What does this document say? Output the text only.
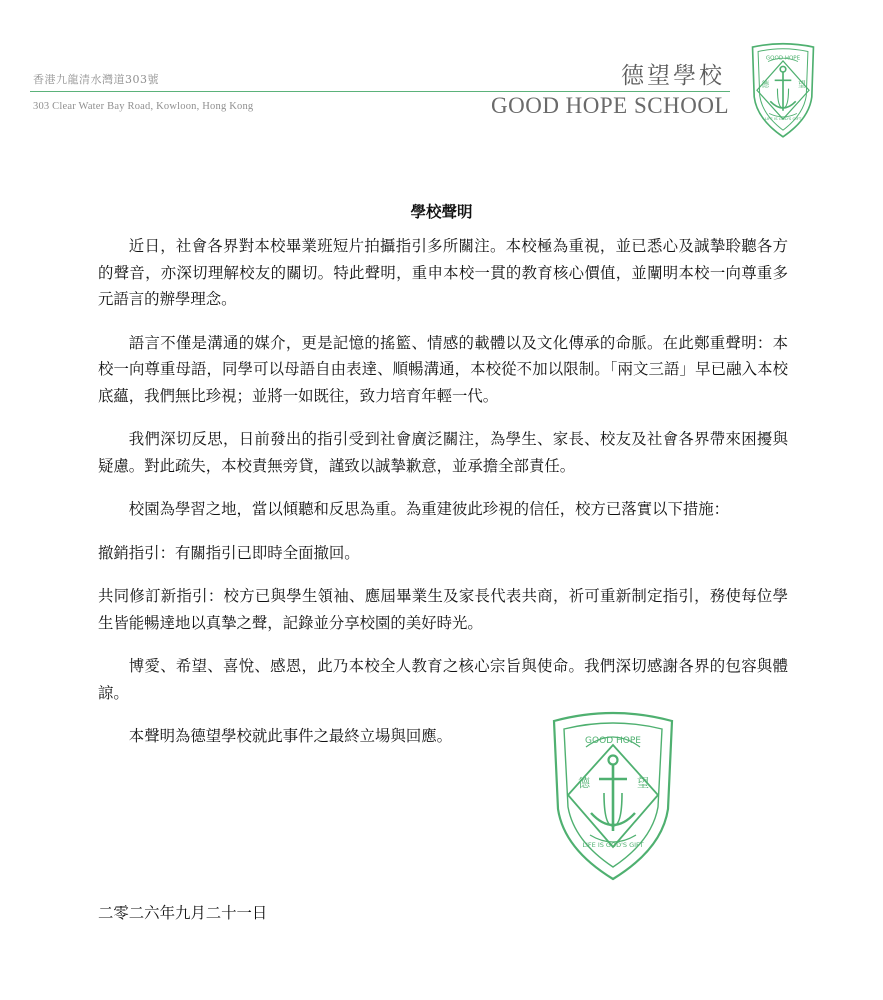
香港九龍清水灣道303號
303 Clear Water Bay Road, Kowloon, Hong Kong
德望學校
GOOD HOPE SCHOOL
德 望
GOOD HOPE
LIFE IS GOD'S GIFT
學校聲明

近日，社會各界對本校畢業班短片拍攝指引多所關注。本校極為重視，並已悉心及誠摯聆聽各方的聲音，亦深切理解校友的關切。特此聲明，重申本校一貫的教育核心價值，並闡明本校一向尊重多元語言的辦學理念。

語言不僅是溝通的媒介，更是記憶的搖籃、情感的載體以及文化傳承的命脈。在此鄭重聲明：本校一向尊重母語，同學可以母語自由表達、順暢溝通，本校從不加以限制。「兩文三語」早已融入本校底蘊，我們無比珍視；並將一如既往，致力培育年輕一代。

我們深切反思，日前發出的指引受到社會廣泛關注，為學生、家長、校友及社會各界帶來困擾與疑慮。對此疏失，本校責無旁貸，謹致以誠摯歉意，並承擔全部責任。

校園為學習之地，當以傾聽和反思為重。為重建彼此珍視的信任，校方已落實以下措施：

撤銷指引：有關指引已即時全面撤回。

共同修訂新指引：校方已與學生領袖、應屆畢業生及家長代表共商，祈可重新制定指引，務使每位學生皆能暢達地以真摯之聲，記錄並分享校園的美好時光。

博愛、希望、喜悅、感恩，此乃本校全人教育之核心宗旨與使命。我們深切感謝各界的包容與體諒。

本聲明為德望學校就此事件之最終立場與回應。

德	望
GOOD HOPE
LIFE IS GOD'S GIFT
二零二六年九月二十一日
